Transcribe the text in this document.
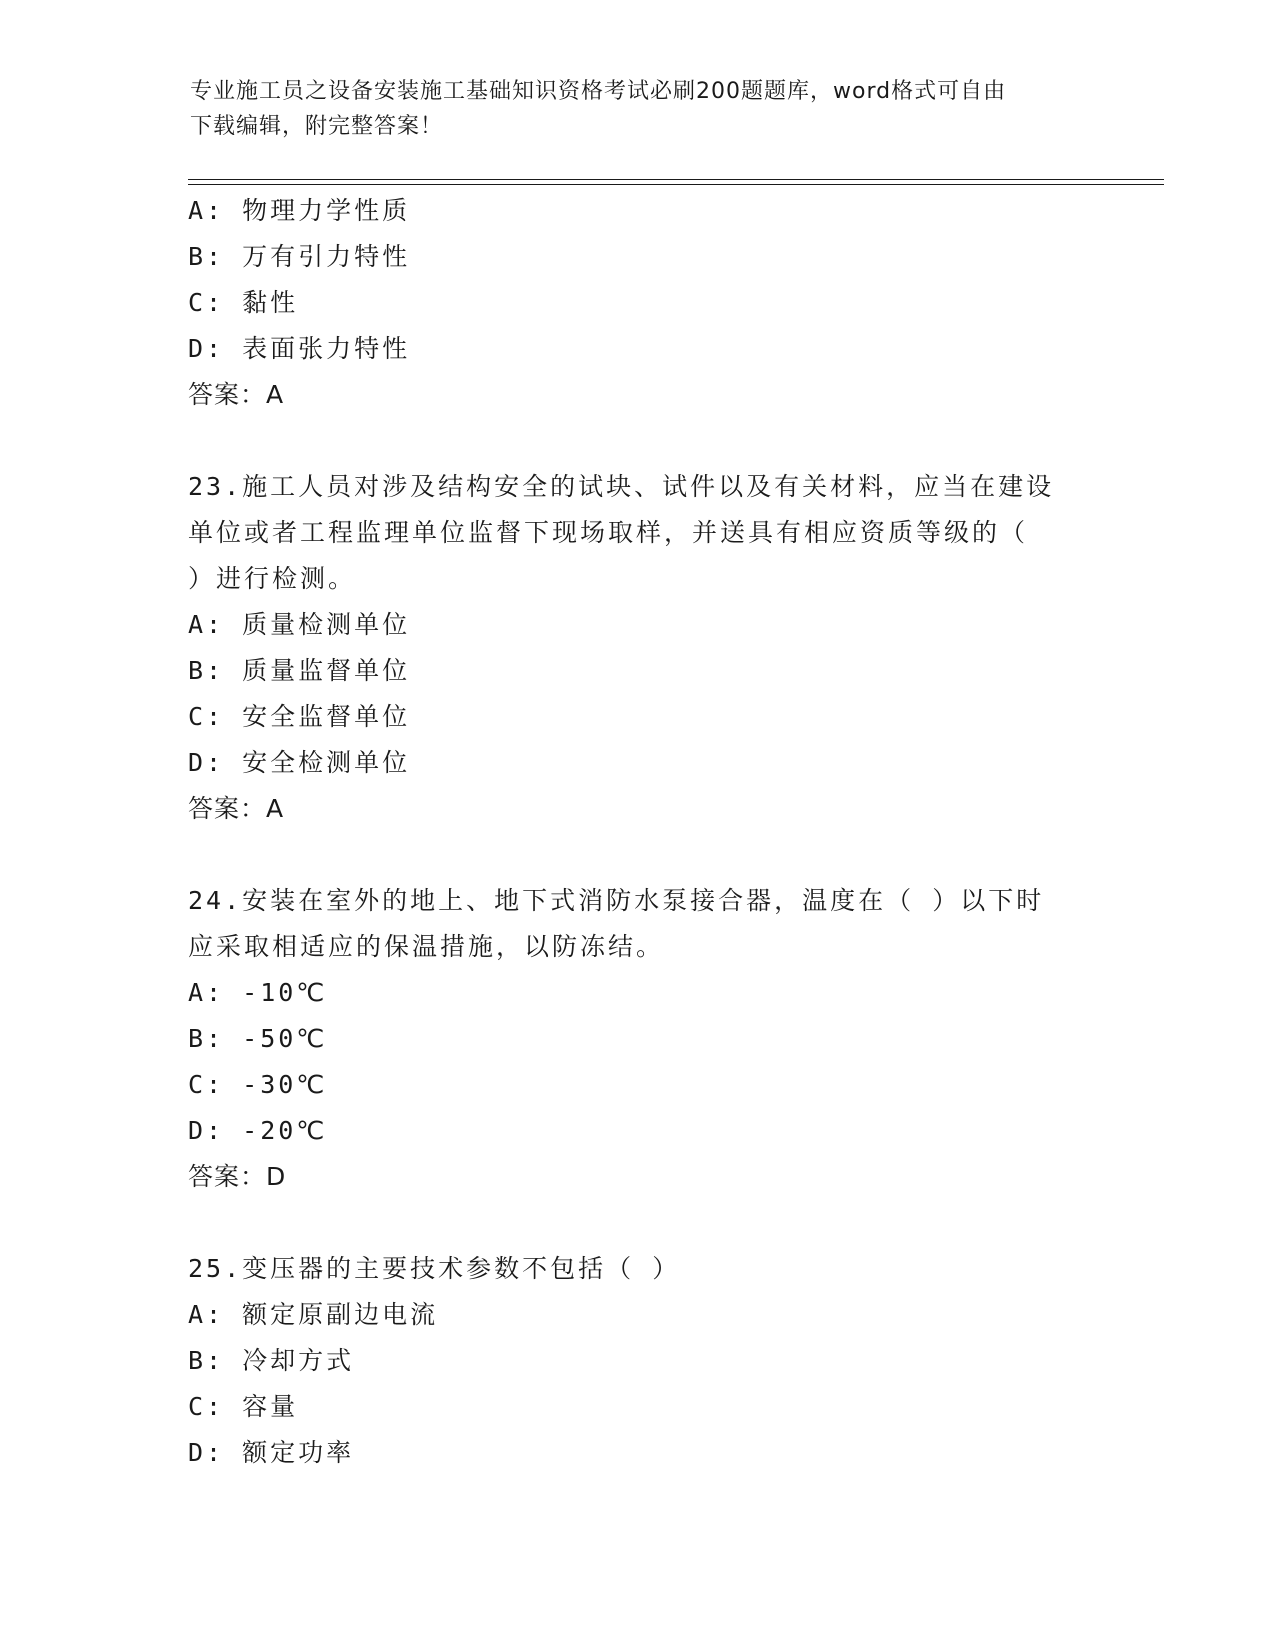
专业施工员之设备安装施工基础知识资格考试必刷200题题库，word格式可自由
下载编辑，附完整答案！
A: 物理力学性质
B: 万有引力特性
C: 黏性
D: 表面张力特性
答案：A
23.施工人员对涉及结构安全的试块、试件以及有关材料，应当在建设
单位或者工程监理单位监督下现场取样，并送具有相应资质等级的（
）进行检测。
A: 质量检测单位
B: 质量监督单位
C: 安全监督单位
D: 安全检测单位
答案：A
24.安装在室外的地上、地下式消防水泵接合器，温度在（ ）以下时
应采取相适应的保温措施，以防冻结。
A: -10℃
B: -50℃
C: -30℃
D: -20℃
答案：D
25.变压器的主要技术参数不包括（ ）
A: 额定原副边电流
B: 冷却方式
C: 容量
D: 额定功率
